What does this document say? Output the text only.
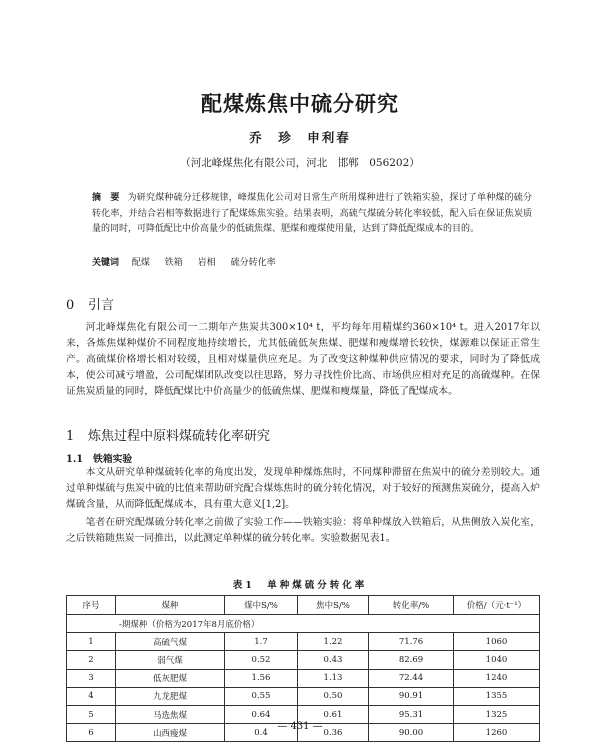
配煤炼焦中硫分研究
乔　珍　申利春
（河北峰煤焦化有限公司，河北　邯郸　056202）
摘　要 为研究煤种硫分迁移规律，峰煤焦化公司对日常生产所用煤种进行了铁箱实验，探讨了单种煤的硫分转化率，并结合岩相等数据进行了配煤炼焦实验。结果表明，高硫气煤硫分转化率较低，配入后在保证焦炭质量的同时，可降低配比中价高量少的低硫焦煤、肥煤和瘦煤使用量，达到了降低配煤成本的目的。
关键词 配煤 铁箱 岩相 硫分转化率
0 引言
河北峰煤焦化有限公司一二期年产焦炭共300×10⁴ t，平均每年用精煤约360×10⁴ t。进入2017年以来，各炼焦煤种煤价不同程度地持续增长，尤其低硫低灰焦煤、肥煤和瘦煤增长较快，煤源难以保证正常生产。高硫煤价格增长相对较缓，且相对煤量供应充足。为了改变这种煤种供应情况的要求，同时为了降低成本，使公司减亏增盈，公司配煤团队改变以往思路，努力寻找性价比高、市场供应相对充足的高硫煤种。在保证焦炭质量的同时，降低配煤比中价高量少的低硫焦煤、肥煤和瘦煤量，降低了配煤成本。
1 炼焦过程中原料煤硫转化率研究
1.1 铁箱实验
本文从研究单种煤硫转化率的角度出发，发现单种煤炼焦时，不同煤种滞留在焦炭中的硫分差别较大。通过单种煤硫与焦炭中硫的比值来帮助研究配合煤炼焦时的硫分转化情况，对于较好的预测焦炭硫分，提高入炉煤硫含量，从而降低配煤成本，具有重大意义[1,2]。
笔者在研究配煤硫分转化率之前做了实验工作——铁箱实验：将单种煤放入铁箱后，从焦侧放入炭化室，之后铁箱随焦炭一同推出，以此测定单种煤的硫分转化率。实验数据见表1。
表1　单种煤硫分转化率
序号	煤种	煤中S/%	焦中S/%	转化率/%	价格/（元·t⁻¹）
-期煤种（价格为2017年8月底价格）					
1	高硫气煤	1.7	1.22	71.76	1060
2	弱气煤	0.52	0.43	82.69	1040
3	低灰肥煤	1.56	1.13	72.44	1240
4	九龙肥煤	0.55	0.50	90.91	1355
5	马选焦煤	0.64	0.61	95.31	1325
6	山西瘦煤	0.4	0.36	90.00	1260
— 431 —
